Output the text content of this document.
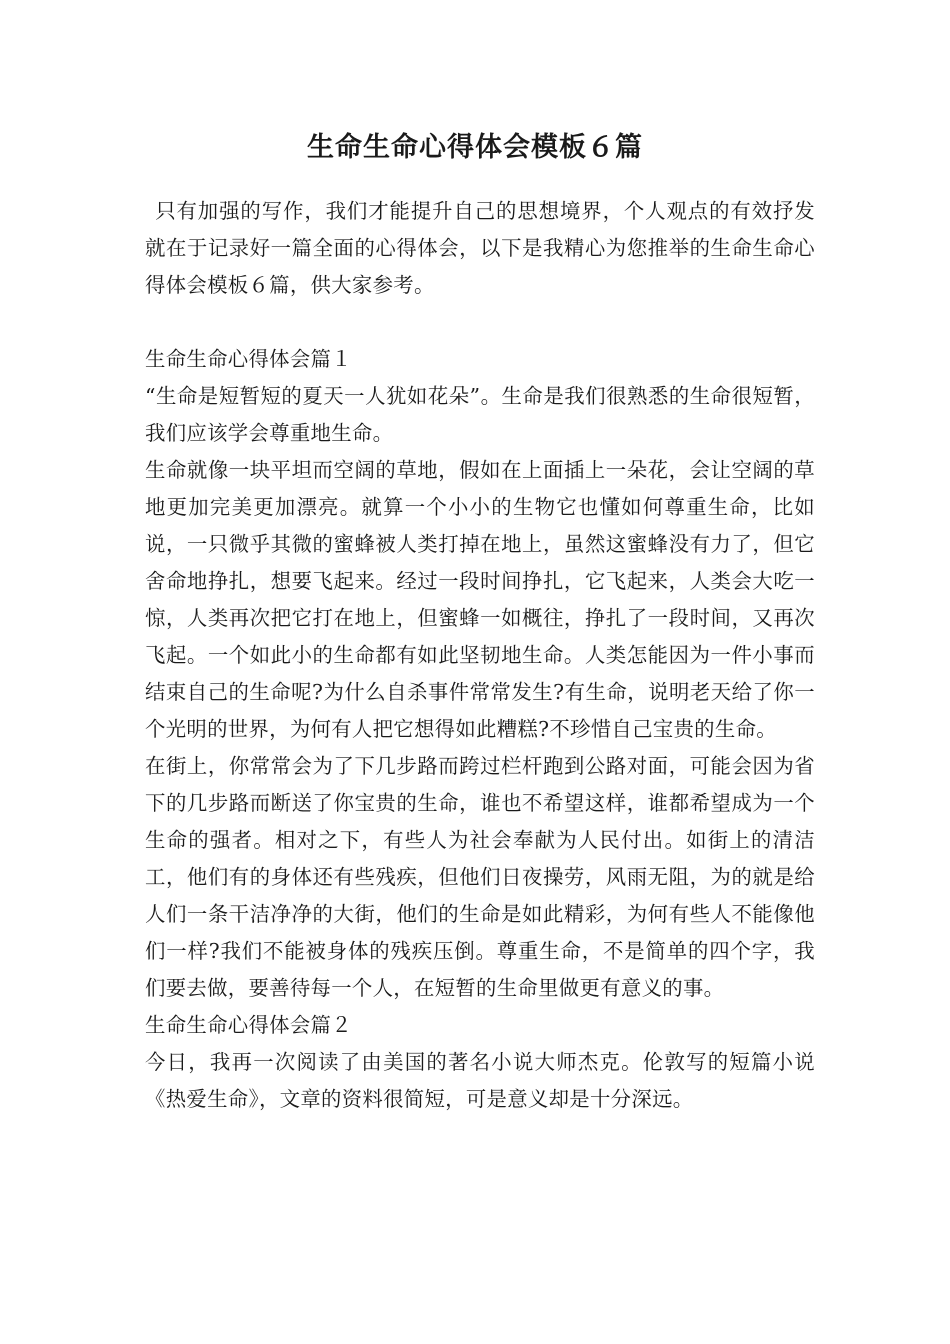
生命生命心得体会模板６篇

只有加强的写作，我们才能提升自己的思想境界，个人观点的有效抒发就在于记录好一篇全面的心得体会，以下是我精心为您推举的生命生命心得体会模板６篇，供大家参考。

生命生命心得体会篇１

“生命是短暂短的夏天一人犹如花朵”。生命是我们很熟悉的生命很短暂，我们应该学会尊重地生命。

生命就像一块平坦而空阔的草地，假如在上面插上一朵花，会让空阔的草地更加完美更加漂亮。就算一个小小的生物它也懂如何尊重生命，比如说，一只微乎其微的蜜蜂被人类打掉在地上，虽然这蜜蜂没有力了，但它舍命地挣扎，想要飞起来。经过一段时间挣扎，它飞起来，人类会大吃一惊，人类再次把它打在地上，但蜜蜂一如概往，挣扎了一段时间，又再次飞起。一个如此小的生命都有如此坚韧地生命。人类怎能因为一件小事而结束自己的生命呢?为什么自杀事件常常发生?有生命，说明老天给了你一个光明的世界，为何有人把它想得如此糟糕?不珍惜自己宝贵的生命。

在街上，你常常会为了下几步路而跨过栏杆跑到公路对面，可能会因为省下的几步路而断送了你宝贵的生命，谁也不希望这样，谁都希望成为一个生命的强者。相对之下，有些人为社会奉献为人民付出。如街上的清洁工，他们有的身体还有些残疾，但他们日夜操劳，风雨无阻，为的就是给人们一条干洁净净的大街，他们的生命是如此精彩，为何有些人不能像他们一样?我们不能被身体的残疾压倒。尊重生命，不是简单的四个字，我们要去做，要善待每一个人，在短暂的生命里做更有意义的事。

生命生命心得体会篇２

今日，我再一次阅读了由美国的著名小说大师杰克。伦敦写的短篇小说《热爱生命》，文章的资料很简短，可是意义却是十分深远。
